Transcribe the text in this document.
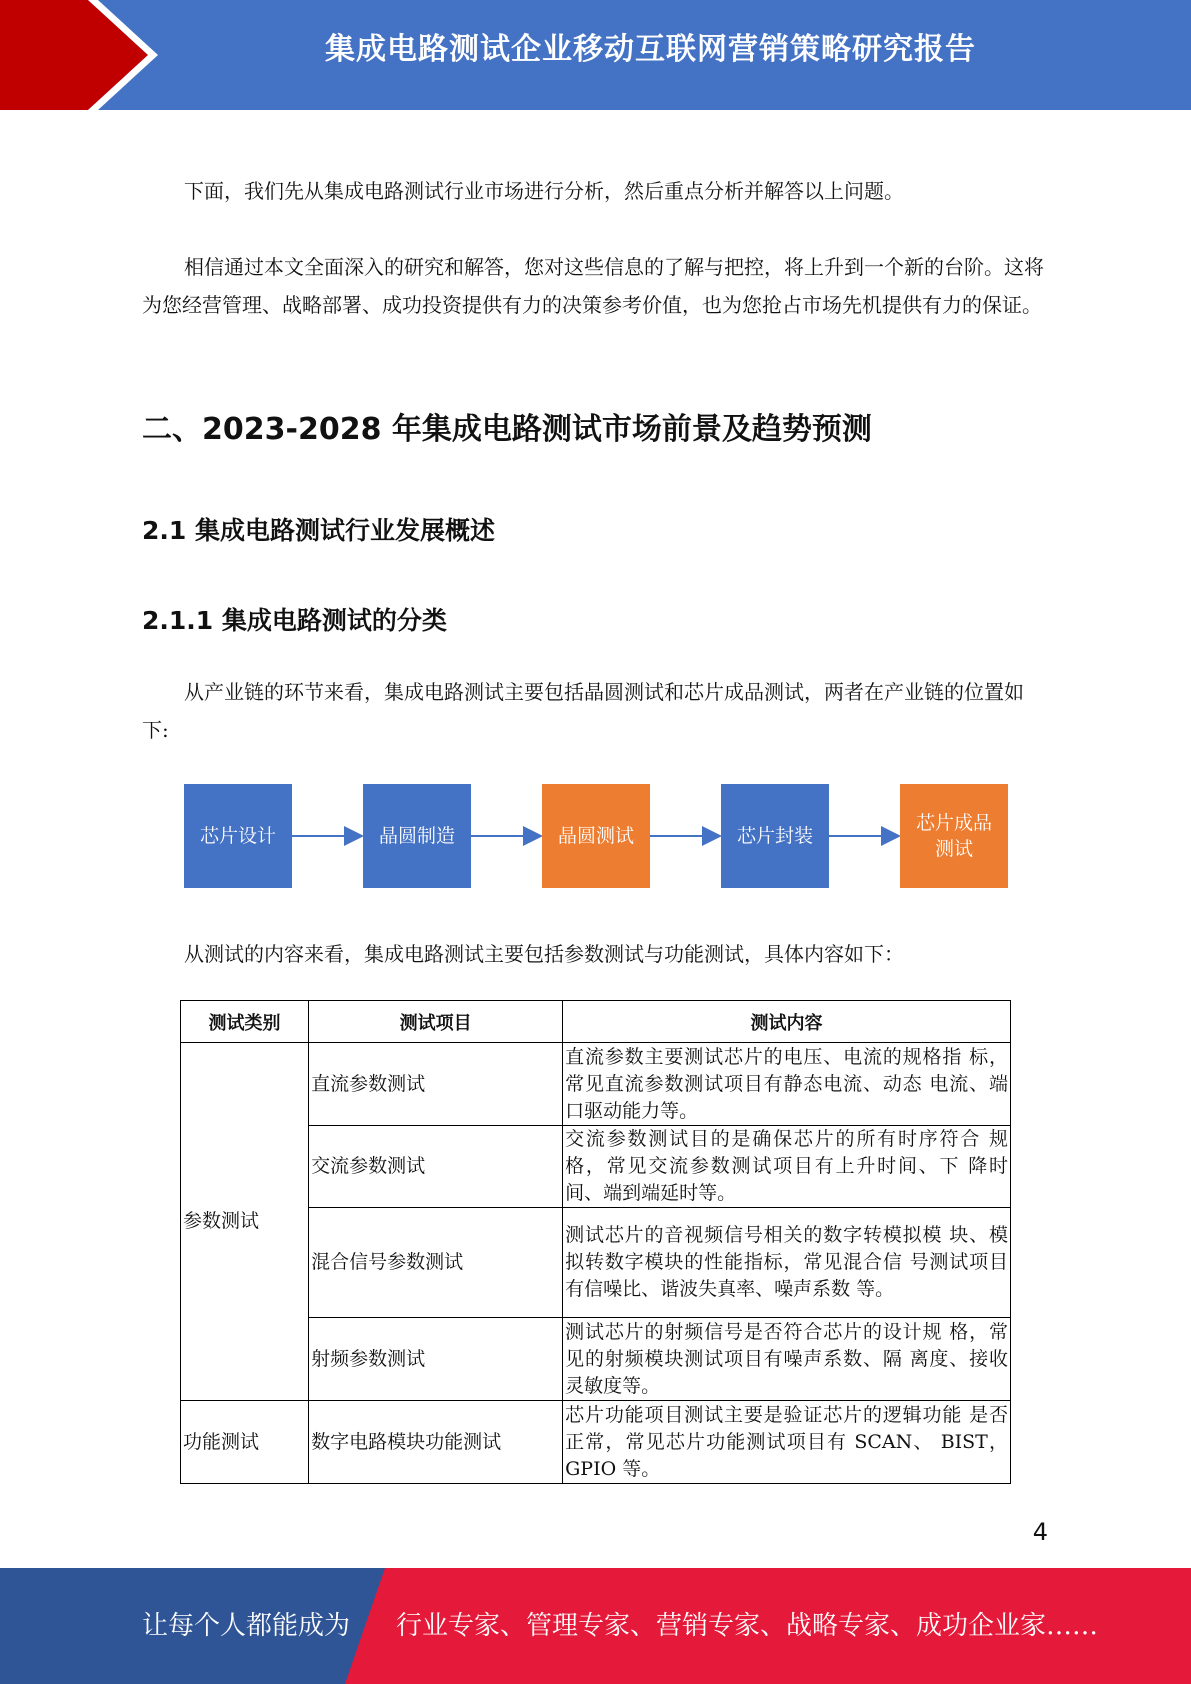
集成电路测试企业移动互联网营销策略研究报告

下面，我们先从集成电路测试行业市场进行分析，然后重点分析并解答以上问题。

相信通过本文全面深入的研究和解答，您对这些信息的了解与把控，将上升到一个新的台阶。这将为您经营管理、战略部署、成功投资提供有力的决策参考价值，也为您抢占市场先机提供有力的保证。

二、2023-2028 年集成电路测试市场前景及趋势预测
2.1 集成电路测试行业发展概述
2.1.1 集成电路测试的分类

从产业链的环节来看，集成电路测试主要包括晶圆测试和芯片成品测试，两者在产业链的位置如下:

芯片设计	晶圆制造	晶圆测试	芯片封装
芯片成品测试

从测试的内容来看，集成电路测试主要包括参数测试与功能测试，具体内容如下：

测试类别	测试项目	测试内容
参数测试	直流参数测试	直流参数主要测试芯片的电压、电流的规格指 标，常见直流参数测试项目有静态电流、动态 电流、端口驱动能力等。
	交流参数测试	交流参数测试目的是确保芯片的所有时序符合 规格，常见交流参数测试项目有上升时间、下 降时间、端到端延时等。
	混合信号参数测试	测试芯片的音视频信号相关的数字转模拟模 块、模拟转数字模块的性能指标，常见混合信 号测试项目有信噪比、谐波失真率、噪声系数 等。
	射频参数测试	测试芯片的射频信号是否符合芯片的设计规 格，常见的射频模块测试项目有噪声系数、隔 离度、接收灵敏度等。
功能测试	数字电路模块功能测试	芯片功能项目测试主要是验证芯片的逻辑功能 是否正常，常见芯片功能测试项目有 SCAN、 BIST，GPIO 等。
4
让每个人都能成为 行业专家、管理专家、营销专家、战略专家、成功企业家……
